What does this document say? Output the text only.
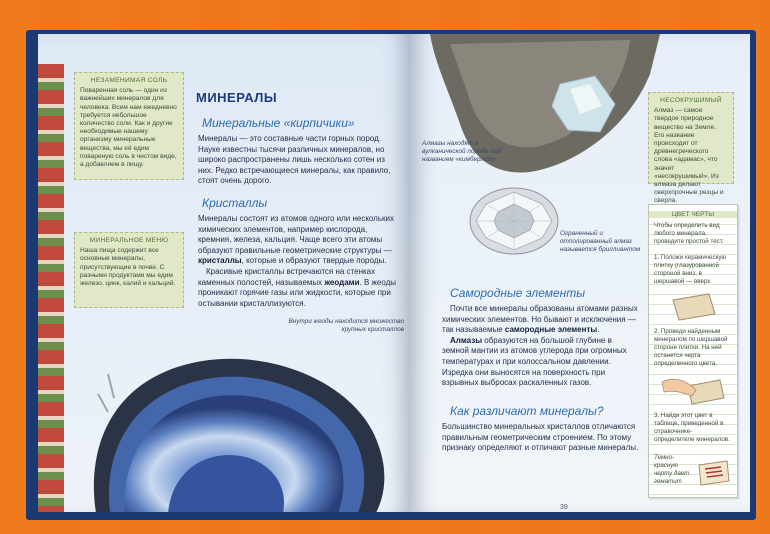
НЕЗАМЕНИМАЯ СОЛЬ
Поваренная соль — один из важнейших минералов для человека. Всем нам ежедневно требуется небольшое количество соли. Как и другие необходимые нашему организму минеральные вещества, мы её едим повареную соль в чистом виде, а добавляем в пищу.
МИНЕРАЛЬНОЕ МЕНЮ
Наша пища содержит все основные минералы, присутствующие в почве. С разными продуктами мы едим железо, цинк, калий и кальций.
МИНЕРАЛЫ
Минеральные «кирпичики»
Минералы — это составные части горных пород. Науке известны тысячи различных минералов, но широко распространены лишь несколько сотен из них. Редко встречающиеся минералы, как правило, стоят очень дорого.
Кристаллы
Минералы состоят из атомов одного или нескольких химических элементов, например кислорода, кремния, железа, кальция. Чаще всего эти атомы образуют правильные геометрические структуры — кристаллы, которые и образуют твердые породы.
Красивые кристаллы встречаются на стенках каменных полостей, называемых жеодами. В жеоды проникают горячие газы или жидкости, которые при остывании кристаллизуются.
Внутри жеоды находится множество крупных кристаллов
Алмазы находят в вулканической породе под названием «кимберлит»
Ограненный и отполированный алмаз называется бриллиантом
НЕСОКРУШИМЫЙ
Алмаз — самое твердое природное вещество на Земле. Его название происходит от древнегреческого слова «адамас», что значит «несокрушимый». Из алмаза делают сверхпрочные резцы и сверла.
Самородные элементы
Почти все минералы образованы атомами разных химических элементов. Но бывают и исключения — так называемые самородные элементы.
Алмазы образуются на большой глубине в земной мантии из атомов углерода при огромных температурах и при колоссальном давлении. Изредка они выносятся на поверхность при взрывных выбросах раскаленных газов.
Как различают минералы?
Большинство минеральных кристаллов отличаются правильным геометрическим строением. По этому признаку определяют и отличают разные минералы.
ЦВЕТ ЧЕРТЫ
Чтобы определить вид любого минерала, проведите простой тест.
1. Положи керамическую плитку (глазурованной стороной вниз, в шершавой — вверх.
2. Проведи найденным минералом по шершавой стороне плитки. На ней останется черта определенного цвета.
3. Найди этот цвет в таблице, приведенной в справочнике-определителе минералов.
Темно-красную черту дает гематит
39
